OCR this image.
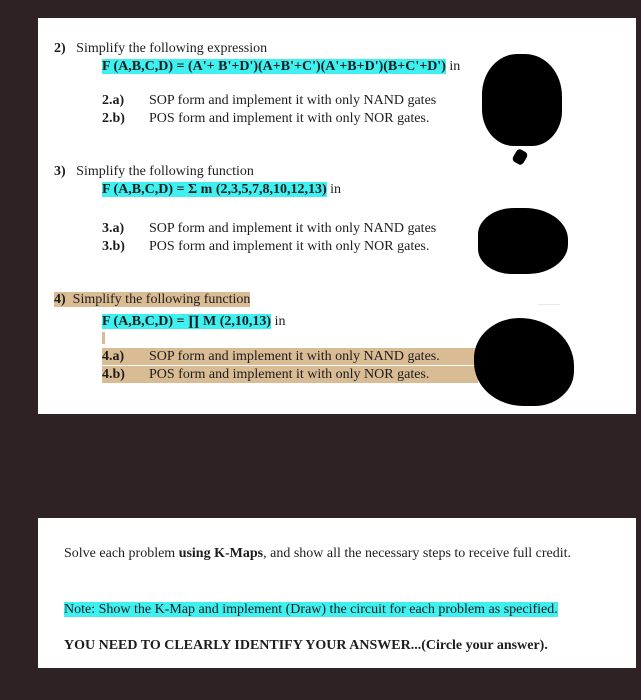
2) Simplify the following expression
F (A,B,C,D) = (A'+ B'+D')(A+B'+C')(A'+B+D')(B+C'+D') in
2.a) SOP form and implement it with only NAND gates
2.b) POS form and implement it with only NOR gates.
3) Simplify the following function
F (A,B,C,D) = Σ m (2,3,5,7,8,10,12,13) in
3.a) SOP form and implement it with only NAND gates
3.b) POS form and implement it with only NOR gates.
4) Simplify the following function
F (A,B,C,D) = ∏ M (2,10,13) in
4.a) SOP form and implement it with only NAND gates.
4.b) POS form and implement it with only NOR gates.
Solve each problem using K-Maps, and show all the necessary steps to receive full credit.
Note: Show the K-Map and implement (Draw) the circuit for each problem as specified.
YOU NEED TO CLEARLY IDENTIFY YOUR ANSWER...(Circle your answer).
